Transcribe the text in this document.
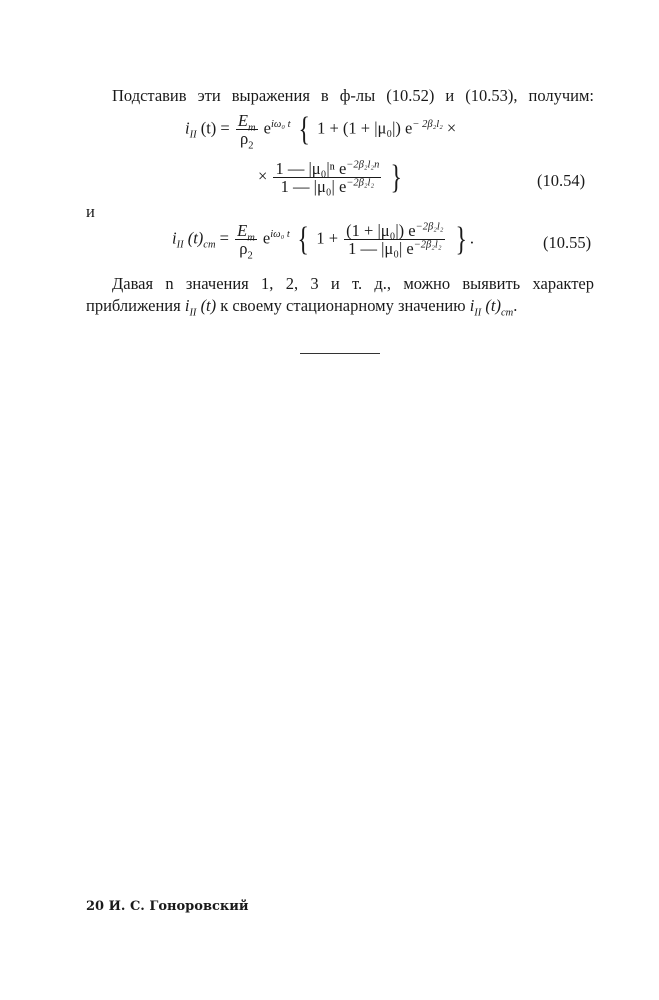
Подставив эти выражения в ф-лы (10.52) и (10.53), получим:
$i_{II}$ $(t) = \frac{E_m}{\rho_2} e^{i\omega_0 t}$ { 1 + (1 + |μ₀|) $e^{- 2\beta_2l_2}$ ×
× $\frac{1 — |\mu_0|^n e^{-2\beta_2l_2n}}{1 — |\mu_0| e^{-2\beta_2l_2}}$ }	(10.54)
и
$i_{II}$ $(t)_{cm} = \frac{E_m}{\rho_2} e^{i\omega_0 t}$ { $1 + \frac{(1 + |\mu_0|) e^{-2\beta_2l_2}}{1 — |\mu_0| e^{-2\beta_2l_2}}$ } .	(10.55)
Давая n значения 1, 2, 3 и т. д., можно выявить характер
приближения $i_{II}$ (t) к своему стационарному значению $i_{II}$ $(t)_{cm}$.
20 И. С. Гоноровский
